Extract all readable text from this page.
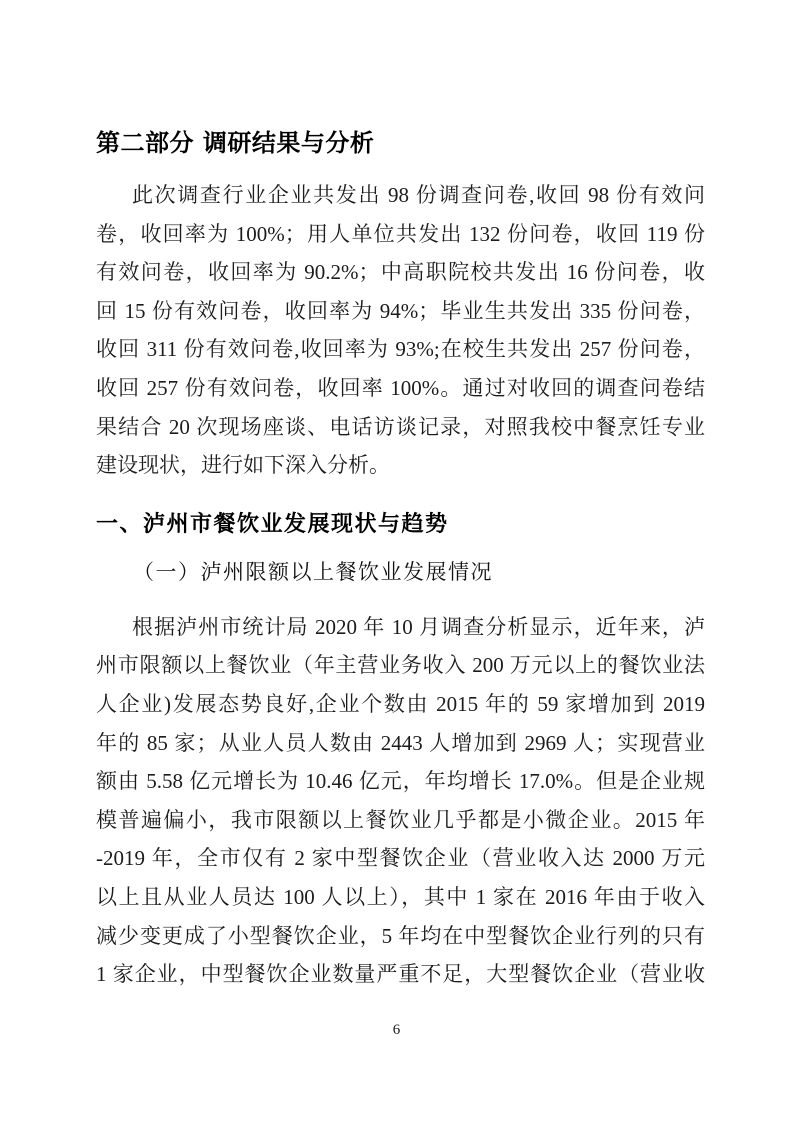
第二部分 调研结果与分析
此次调查行业企业共发出 98 份调查问卷,收回 98 份有效问
卷，收回率为 100%；用人单位共发出 132 份问卷，收回 119 份
有效问卷，收回率为 90.2%；中高职院校共发出 16 份问卷，收
回 15 份有效问卷，收回率为 94%；毕业生共发出 335 份问卷，
收回 311 份有效问卷,收回率为 93%;在校生共发出 257 份问卷，
收回 257 份有效问卷，收回率 100%。通过对收回的调查问卷结
果结合 20 次现场座谈、电话访谈记录，对照我校中餐烹饪专业
建设现状，进行如下深入分析。
一、泸州市餐饮业发展现状与趋势
（一）泸州限额以上餐饮业发展情况
根据泸州市统计局 2020 年 10 月调查分析显示，近年来，泸
州市限额以上餐饮业（年主营业务收入 200 万元以上的餐饮业法
人企业)发展态势良好,企业个数由 2015 年的 59 家增加到 2019
年的 85 家；从业人员人数由 2443 人增加到 2969 人；实现营业
额由 5.58 亿元增长为 10.46 亿元，年均增长 17.0%。但是企业规
模普遍偏小，我市限额以上餐饮业几乎都是小微企业。2015 年
-2019 年，全市仅有 2 家中型餐饮企业（营业收入达 2000 万元
以上且从业人员达 100 人以上），其中 1 家在 2016 年由于收入
减少变更成了小型餐饮企业，5 年均在中型餐饮企业行列的只有
1 家企业，中型餐饮企业数量严重不足，大型餐饮企业（营业收
6
